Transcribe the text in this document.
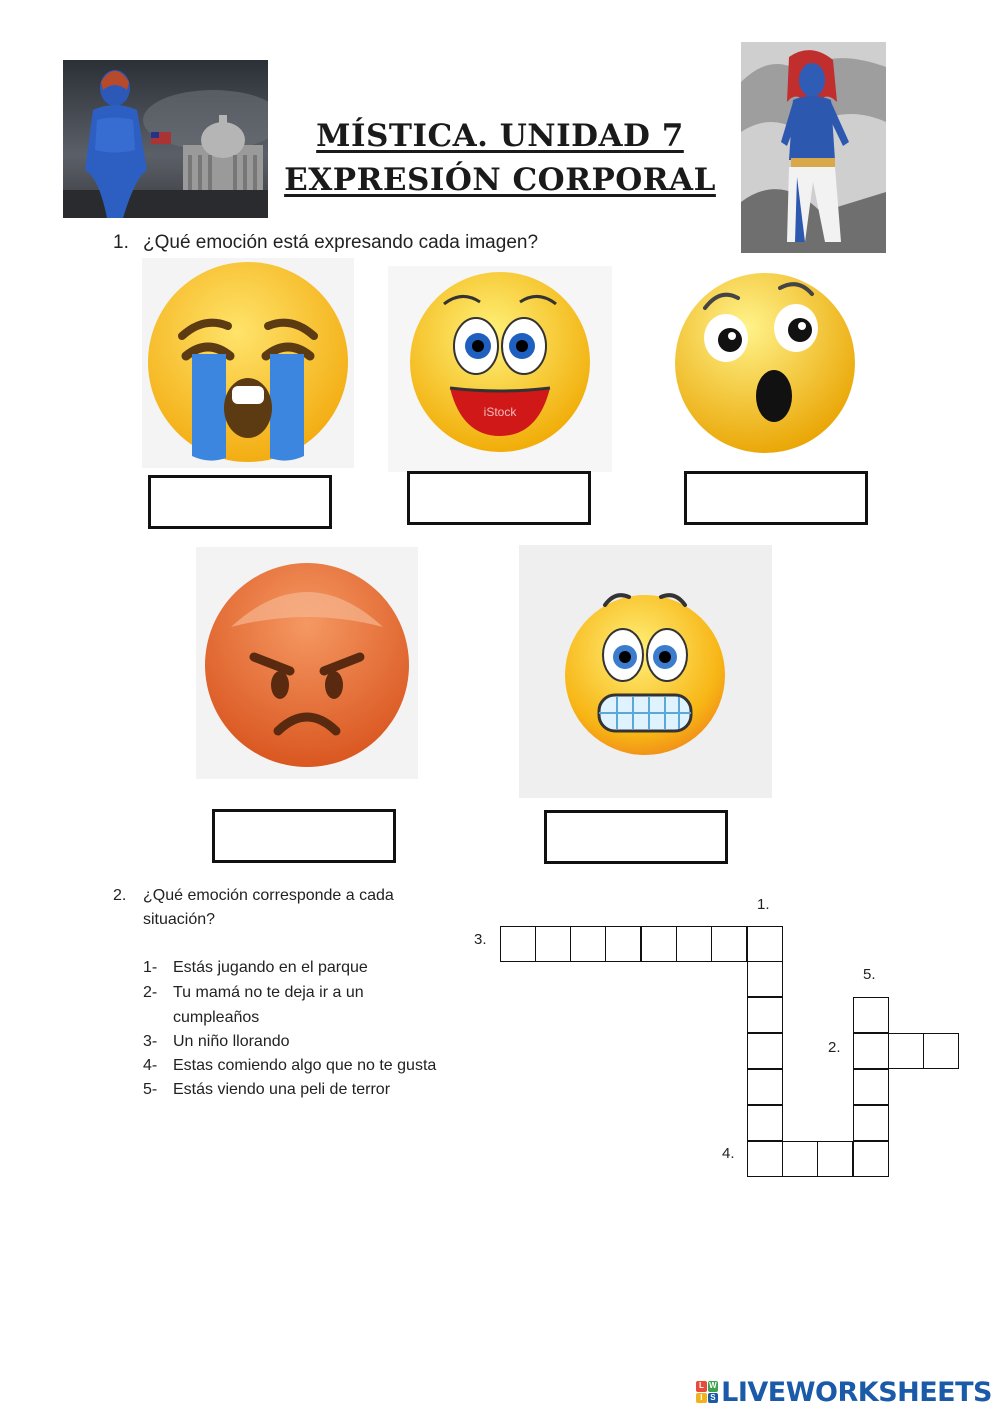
MÍSTICA. UNIDAD 7
EXPRESIÓN CORPORAL
1. ¿Qué emoción está expresando cada imagen?
iStock
2. ¿Qué emoción corresponde a cada
situación?
1- Estás jugando en el parque
2- Tu mamá no te deja ir a un
cumpleaños
3- Un niño llorando
4- Estas comiendo algo que no te gusta
5- Estás viendo una peli de terror
1.
3.
5.
2.
4.
L W
I S LIVEWORKSHEETS
